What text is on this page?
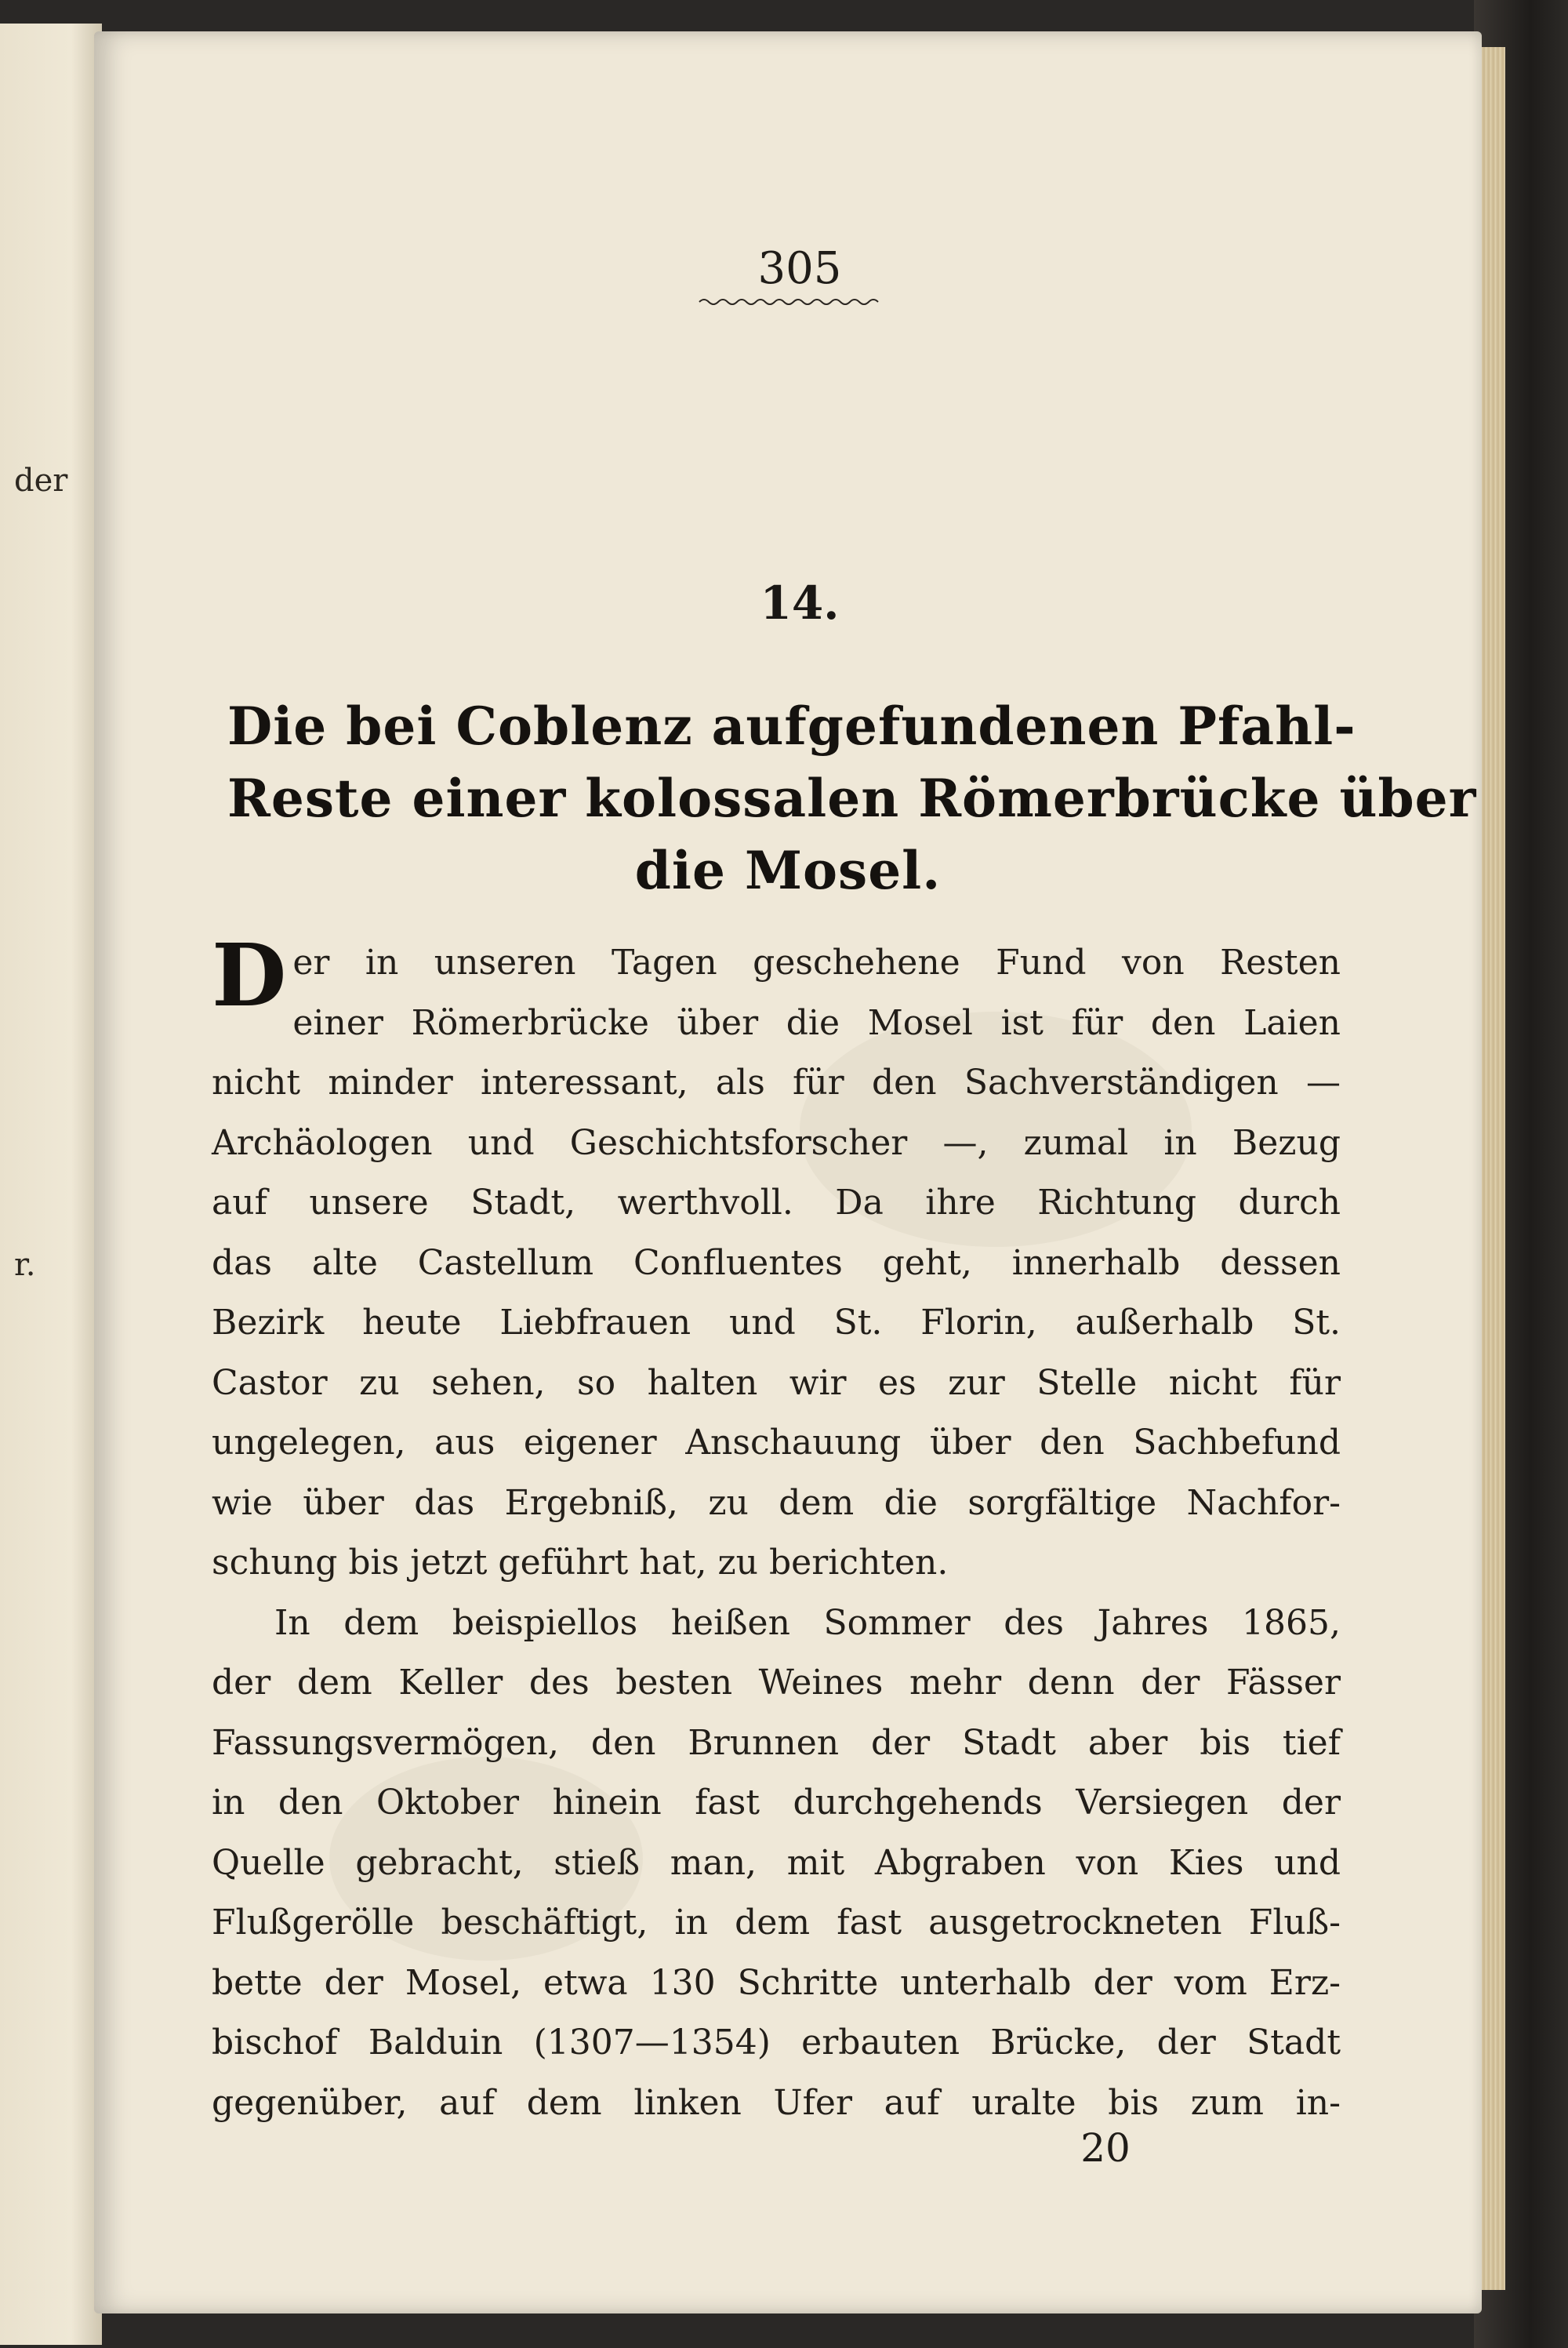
der
r.
305
14.
Die bei Coblenz aufgefundenen Pfahl-
Reste einer kolossalen Römerbrücke über
die Mosel.
D er in unseren Tagen geschehene Fund von Resten
einer Römerbrücke über die Mosel ist für den Laien
nicht minder interessant, als für den Sachverständigen —
Archäologen und Geschichtsforscher —, zumal in Bezug
auf unsere Stadt, werthvoll. Da ihre Richtung durch
das alte Castellum Confluentes geht, innerhalb dessen
Bezirk heute Liebfrauen und St. Florin, außerhalb St.
Castor zu sehen, so halten wir es zur Stelle nicht für
ungelegen, aus eigener Anschauung über den Sachbefund
wie über das Ergebniß, zu dem die sorgfältige Nachfor-
schung bis jetzt geführt hat, zu berichten.
In dem beispiellos heißen Sommer des Jahres 1865,
der dem Keller des besten Weines mehr denn der Fässer
Fassungsvermögen, den Brunnen der Stadt aber bis tief
in den Oktober hinein fast durchgehends Versiegen der
Quelle gebracht, stieß man, mit Abgraben von Kies und
Flußgerölle beschäftigt, in dem fast ausgetrockneten Fluß-
bette der Mosel, etwa 130 Schritte unterhalb der vom Erz-
bischof Balduin (1307—1354) erbauten Brücke, der Stadt
gegenüber, auf dem linken Ufer auf uralte bis zum in-
20
